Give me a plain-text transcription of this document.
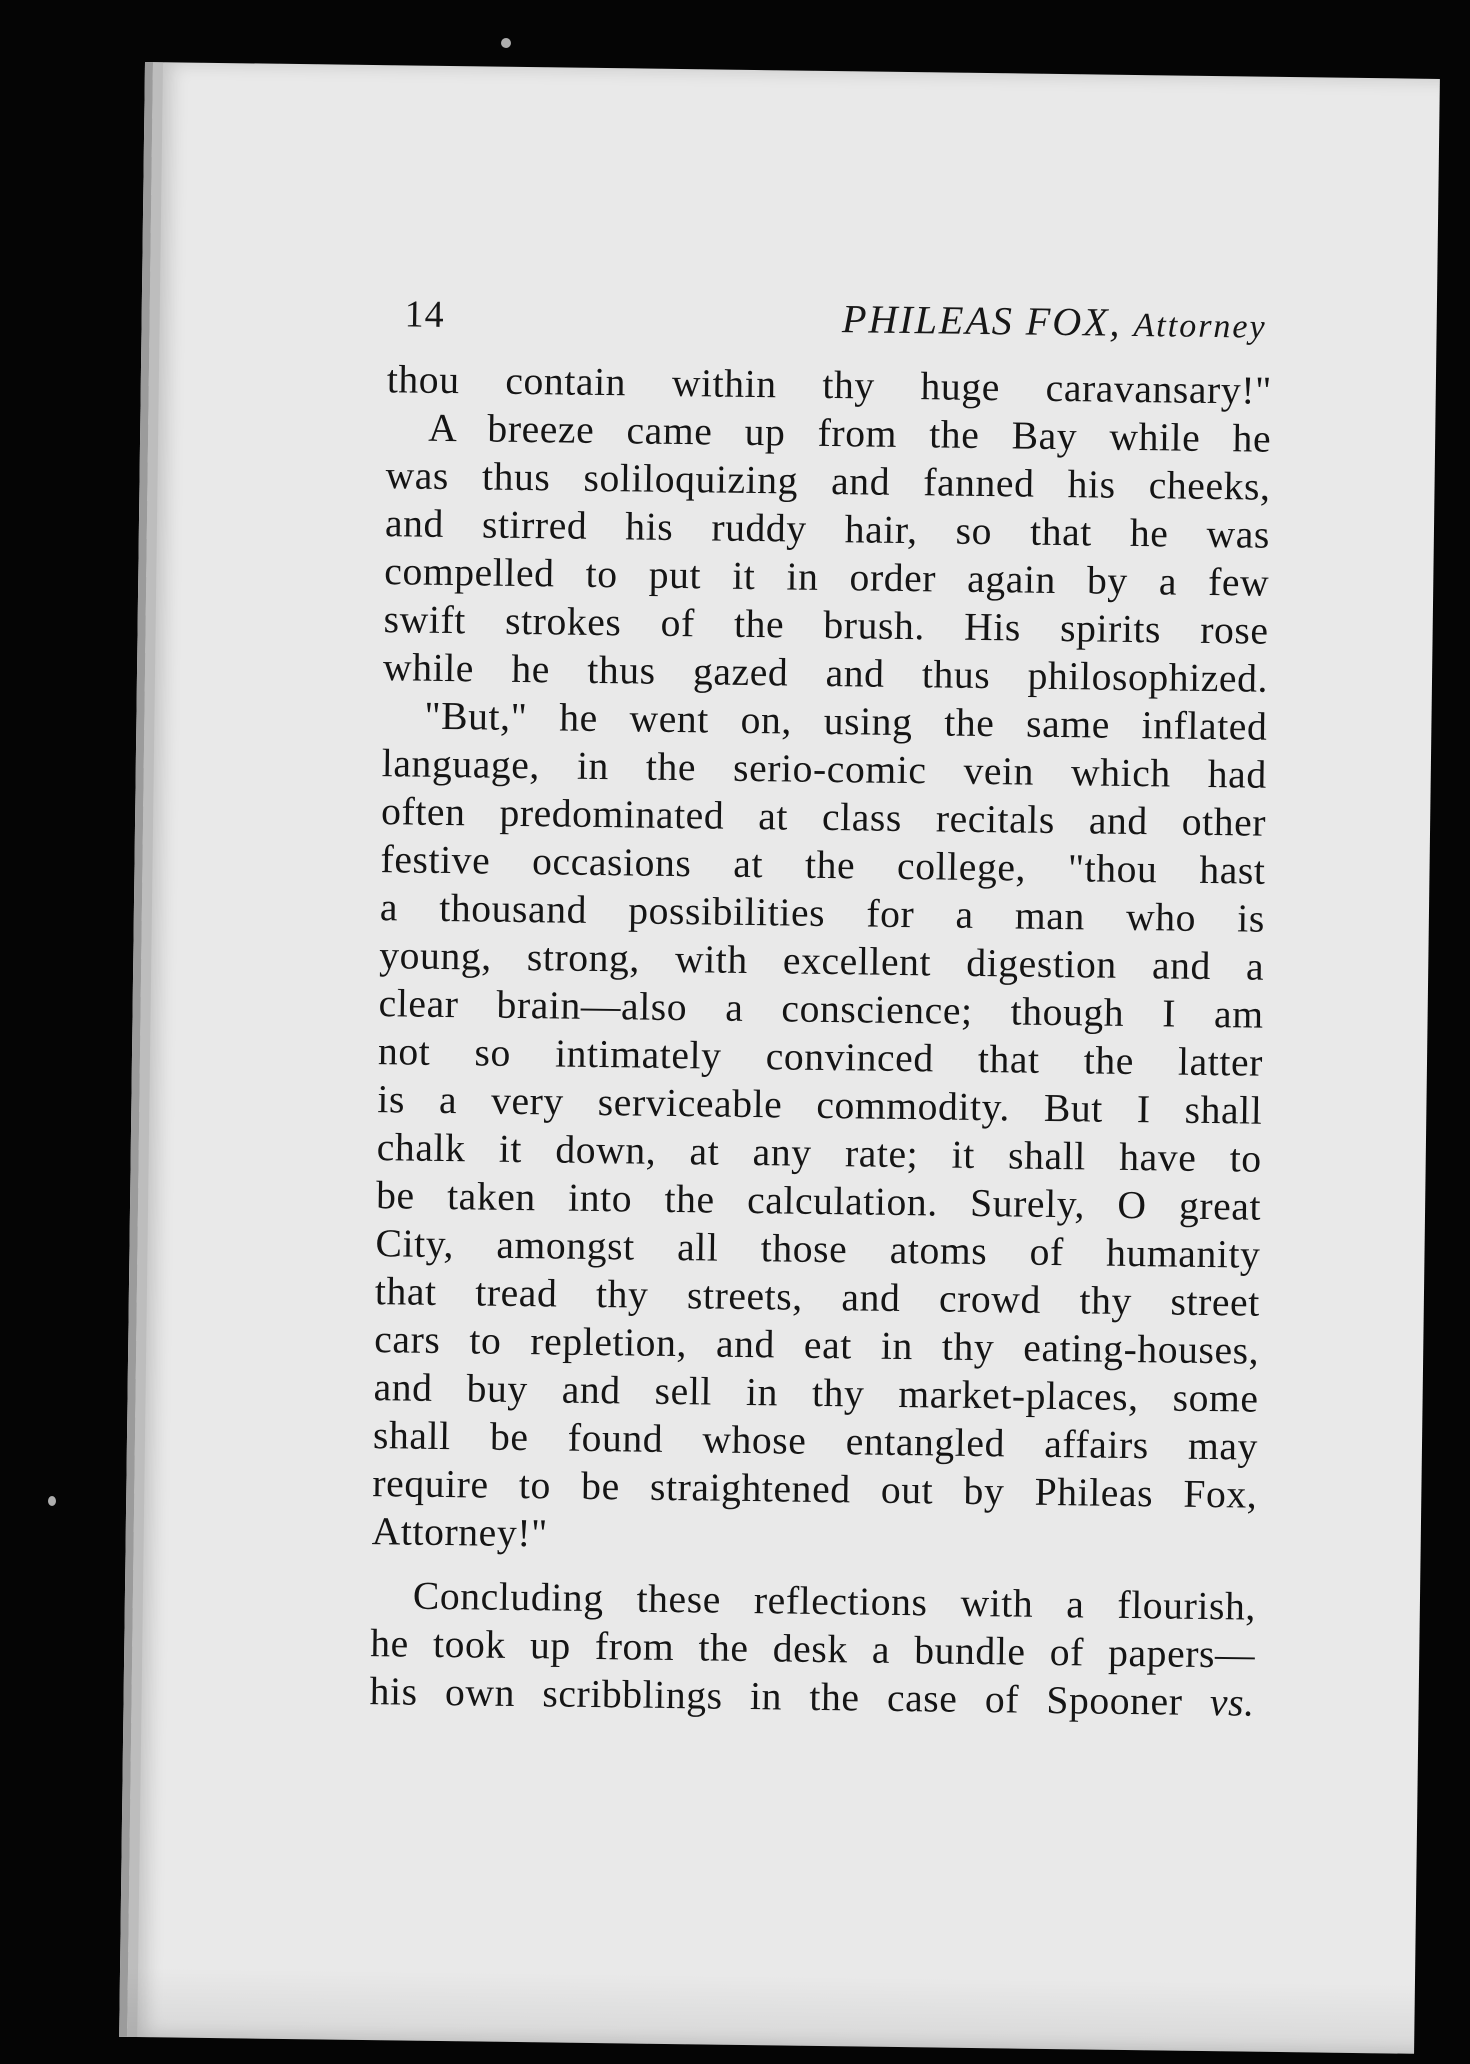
14	PHILEAS FOX, Attorney
thou contain within thy huge caravansary!"
A breeze came up from the Bay while he
was thus soliloquizing and fanned his cheeks,
and stirred his ruddy hair, so that he was
compelled to put it in order again by a few
swift strokes of the brush. His spirits rose
while he thus gazed and thus philosophized.
"But," he went on, using the same inflated
language, in the serio-comic vein which had
often predominated at class recitals and other
festive occasions at the college, "thou hast
a thousand possibilities for a man who is
young, strong, with excellent digestion and a
clear brain—also a conscience; though I am
not so intimately convinced that the latter
is a very serviceable commodity. But I shall
chalk it down, at any rate; it shall have to
be taken into the calculation. Surely, O great
City, amongst all those atoms of humanity
that tread thy streets, and crowd thy street
cars to repletion, and eat in thy eating-houses,
and buy and sell in thy market-places, some
shall be found whose entangled affairs may
require to be straightened out by Phileas Fox,
Attorney!"
Concluding these reflections with a flourish,
he took up from the desk a bundle of papers—
his own scribblings in the case of Spooner vs.
